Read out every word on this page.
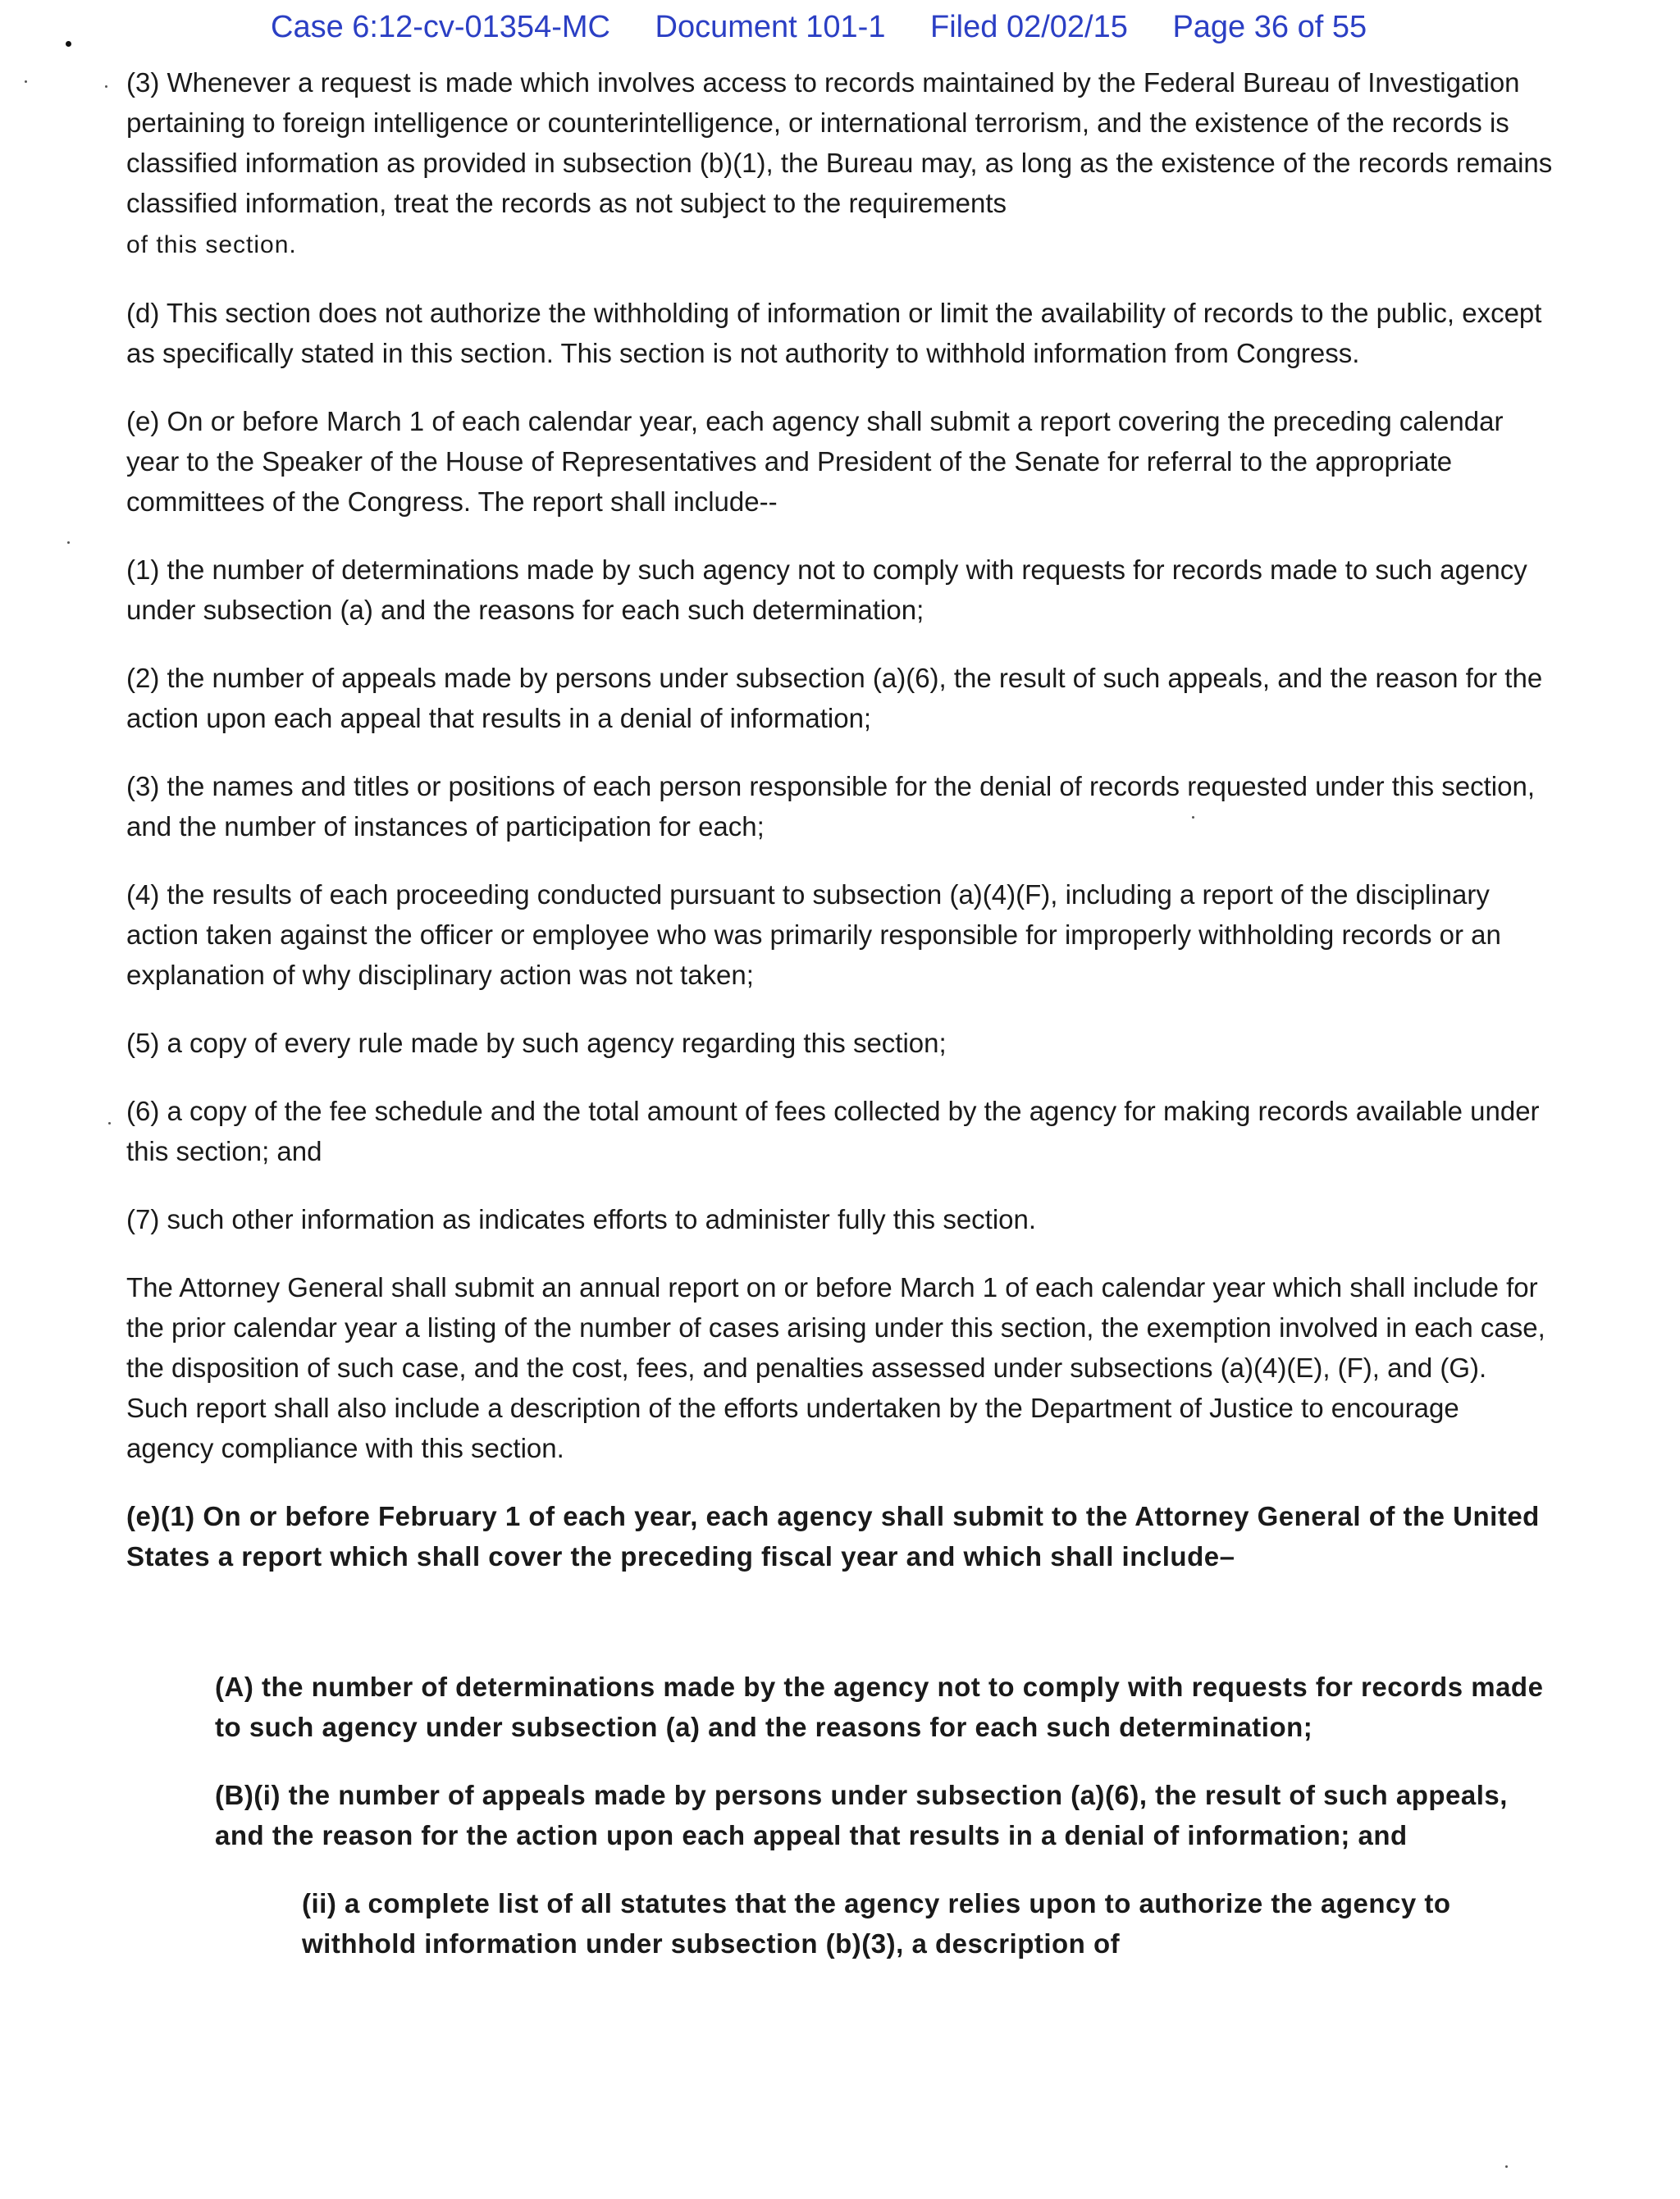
Case 6:12-cv-01354-MC Document 101-1 Filed 02/02/15 Page 36 of 55

(3) Whenever a request is made which involves access to records maintained by the Federal Bureau of Investigation pertaining to foreign intelligence or counterintelligence, or international terrorism, and the existence of the records is classified information as provided in subsection (b)(1), the Bureau may, as long as the existence of the records remains classified information, treat the records as not subject to the requirements
of this section.

(d) This section does not authorize the withholding of information or limit the availability of records to the public, except as specifically stated in this section. This section is not authority to withhold information from Congress.

(e) On or before March 1 of each calendar year, each agency shall submit a report covering the preceding calendar year to the Speaker of the House of Representatives and President of the Senate for referral to the appropriate committees of the Congress. The report shall include--

(1) the number of determinations made by such agency not to comply with requests for records made to such agency under subsection (a) and the reasons for each such determination;

(2) the number of appeals made by persons under subsection (a)(6), the result of such appeals, and the reason for the action upon each appeal that results in a denial of information;

(3) the names and titles or positions of each person responsible for the denial of records requested under this section, and the number of instances of participation for each;

(4) the results of each proceeding conducted pursuant to subsection (a)(4)(F), including a report of the disciplinary action taken against the officer or employee who was primarily responsible for improperly withholding records or an explanation of why disciplinary action was not taken;

(5) a copy of every rule made by such agency regarding this section;

(6) a copy of the fee schedule and the total amount of fees collected by the agency for making records available under this section; and

(7) such other information as indicates efforts to administer fully this section.

The Attorney General shall submit an annual report on or before March 1 of each calendar year which shall include for the prior calendar year a listing of the number of cases arising under this section, the exemption involved in each case, the disposition of such case, and the cost, fees, and penalties assessed under subsections (a)(4)(E), (F), and (G). Such report shall also include a description of the efforts undertaken by the Department of Justice to encourage agency compliance with this section.

(e)(1) On or before February 1 of each year, each agency shall submit to the Attorney General of the United States a report which shall cover the preceding fiscal year and which shall include–

(A) the number of determinations made by the agency not to comply with requests for records made to such agency under subsection (a) and the reasons for each such determination;

(B)(i) the number of appeals made by persons under subsection (a)(6), the result of such appeals, and the reason for the action upon each appeal that results in a denial of information; and

(ii) a complete list of all statutes that the agency relies upon to authorize the agency to withhold information under subsection (b)(3), a description of
